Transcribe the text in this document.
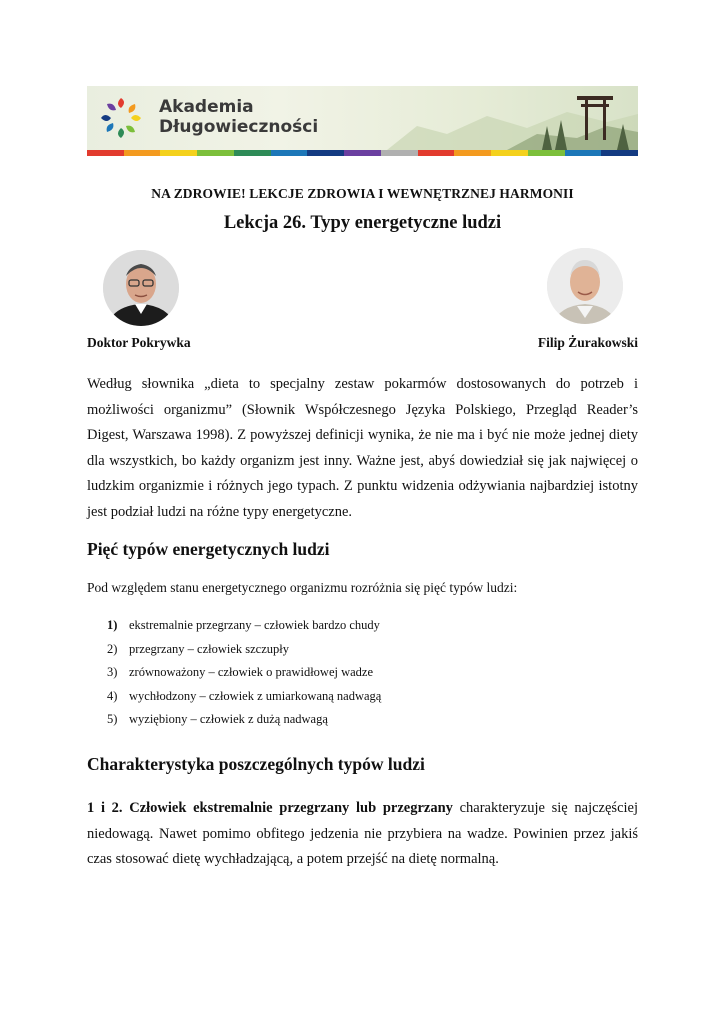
Akademia
Długowieczności
NA ZDROWIE! LEKCJE ZDROWIA I WEWNĘTRZNEJ HARMONII
Lekcja 26. Typy energetyczne ludzi
Doktor Pokrywka	Filip Żurakowski
Według słownika „dieta to specjalny zestaw pokarmów dostosowanych do potrzeb i możliwości organizmu” (Słownik Współczesnego Języka Polskiego, Przegląd Reader’s Digest, Warszawa 1998). Z powyższej definicji wynika, że nie ma i być nie może jednej diety dla wszystkich, bo każdy organizm jest inny. Ważne jest, abyś dowiedział się jak najwięcej o ludzkim organizmie i różnych jego typach. Z punktu widzenia odżywiania najbardziej istotny jest podział ludzi na różne typy energetyczne.
Pięć typów energetycznych ludzi
Pod względem stanu energetycznego organizmu rozróżnia się pięć typów ludzi:
1) ekstremalnie przegrzany – człowiek bardzo chudy
2) przegrzany – człowiek szczupły
3) zrównoważony – człowiek o prawidłowej wadze
4) wychłodzony – człowiek z umiarkowaną nadwagą
5) wyziębiony – człowiek z dużą nadwagą
Charakterystyka poszczególnych typów ludzi
1 i 2. Człowiek ekstremalnie przegrzany lub przegrzany charakteryzuje się najczęściej niedowagą. Nawet pomimo obfitego jedzenia nie przybiera na wadze. Powinien przez jakiś czas stosować dietę wychładzającą, a potem przejść na dietę normalną.
